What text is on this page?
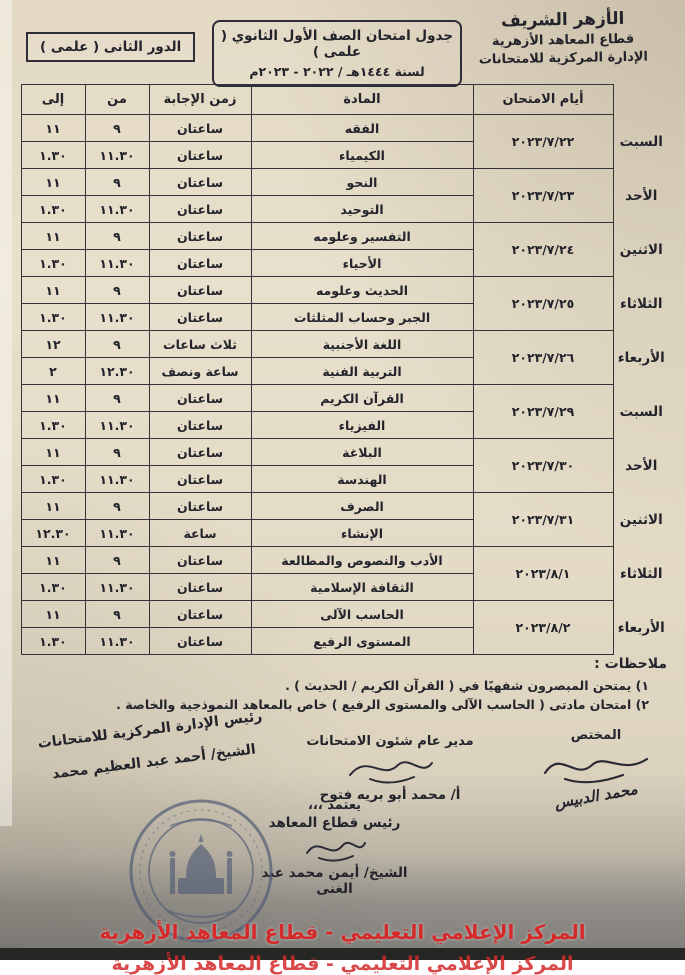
الأزهر الشريف
قطاع المعاهد الأزهرية
الإدارة المركزية للامتحانات
جدول امتحان الصف الأول الثانوي ( علمى )
لسنة ١٤٤٤هـ / ٢٠٢٢ - ٢٠٢٣م
الدور الثانى ( علمى )
	أيام الامتحان	المادة	زمن الإجابة	من	إلى
السبت	٢٠٢٣/٧/٢٢	الفقه	ساعتان	٩	١١
		الكيمياء	ساعتان	١١.٣٠	١.٣٠
الأحد	٢٠٢٣/٧/٢٣	النحو	ساعتان	٩	١١
		التوحيد	ساعتان	١١.٣٠	١.٣٠
الاثنين	٢٠٢٣/٧/٢٤	التفسير وعلومه	ساعتان	٩	١١
		الأحياء	ساعتان	١١.٣٠	١.٣٠
الثلاثاء	٢٠٢٣/٧/٢٥	الحديث وعلومه	ساعتان	٩	١١
		الجبر وحساب المثلثات	ساعتان	١١.٣٠	١.٣٠
الأربعاء	٢٠٢٣/٧/٢٦	اللغة الأجنبية	ثلاث ساعات	٩	١٢
		التربية الفنية	ساعة ونصف	١٢.٣٠	٢
السبت	٢٠٢٣/٧/٢٩	القرآن الكريم	ساعتان	٩	١١
		الفيزياء	ساعتان	١١.٣٠	١.٣٠
الأحد	٢٠٢٣/٧/٣٠	البلاغة	ساعتان	٩	١١
		الهندسة	ساعتان	١١.٣٠	١.٣٠
الاثنين	٢٠٢٣/٧/٣١	الصرف	ساعتان	٩	١١
		الإنشاء	ساعة	١١.٣٠	١٢.٣٠
الثلاثاء	٢٠٢٣/٨/١	الأدب والنصوص والمطالعة	ساعتان	٩	١١
		الثقافة الإسلامية	ساعتان	١١.٣٠	١.٣٠
الأربعاء	٢٠٢٣/٨/٢	الحاسب الآلى	ساعتان	٩	١١
		المستوى الرفيع	ساعتان	١١.٣٠	١.٣٠
ملاحظات :
١) يمتحن المبصرون شفهيًا في ( القرآن الكريم / الحديث ) .
٢) امتحان مادتى ( الحاسب الآلى والمستوى الرفيع ) خاص بالمعاهد النموذجية والخاصة .
المختص
محمد الدبيس
مدير عام شئون الامتحانات
أ/ محمد أبو بريه فتوح
رئيس الإدارة المركزية للامتحانات
الشيخ/ أحمد عبد العظيم محمد
يعتمد ،،،
رئيس قطاع المعاهد
الشيخ/ أيمن محمد عبد الغنى
المركز الإعلامي التعليمي - قطاع المعاهد الأزهرية
المركز الإعلامي التعليمي - قطاع المعاهد الأزهرية
